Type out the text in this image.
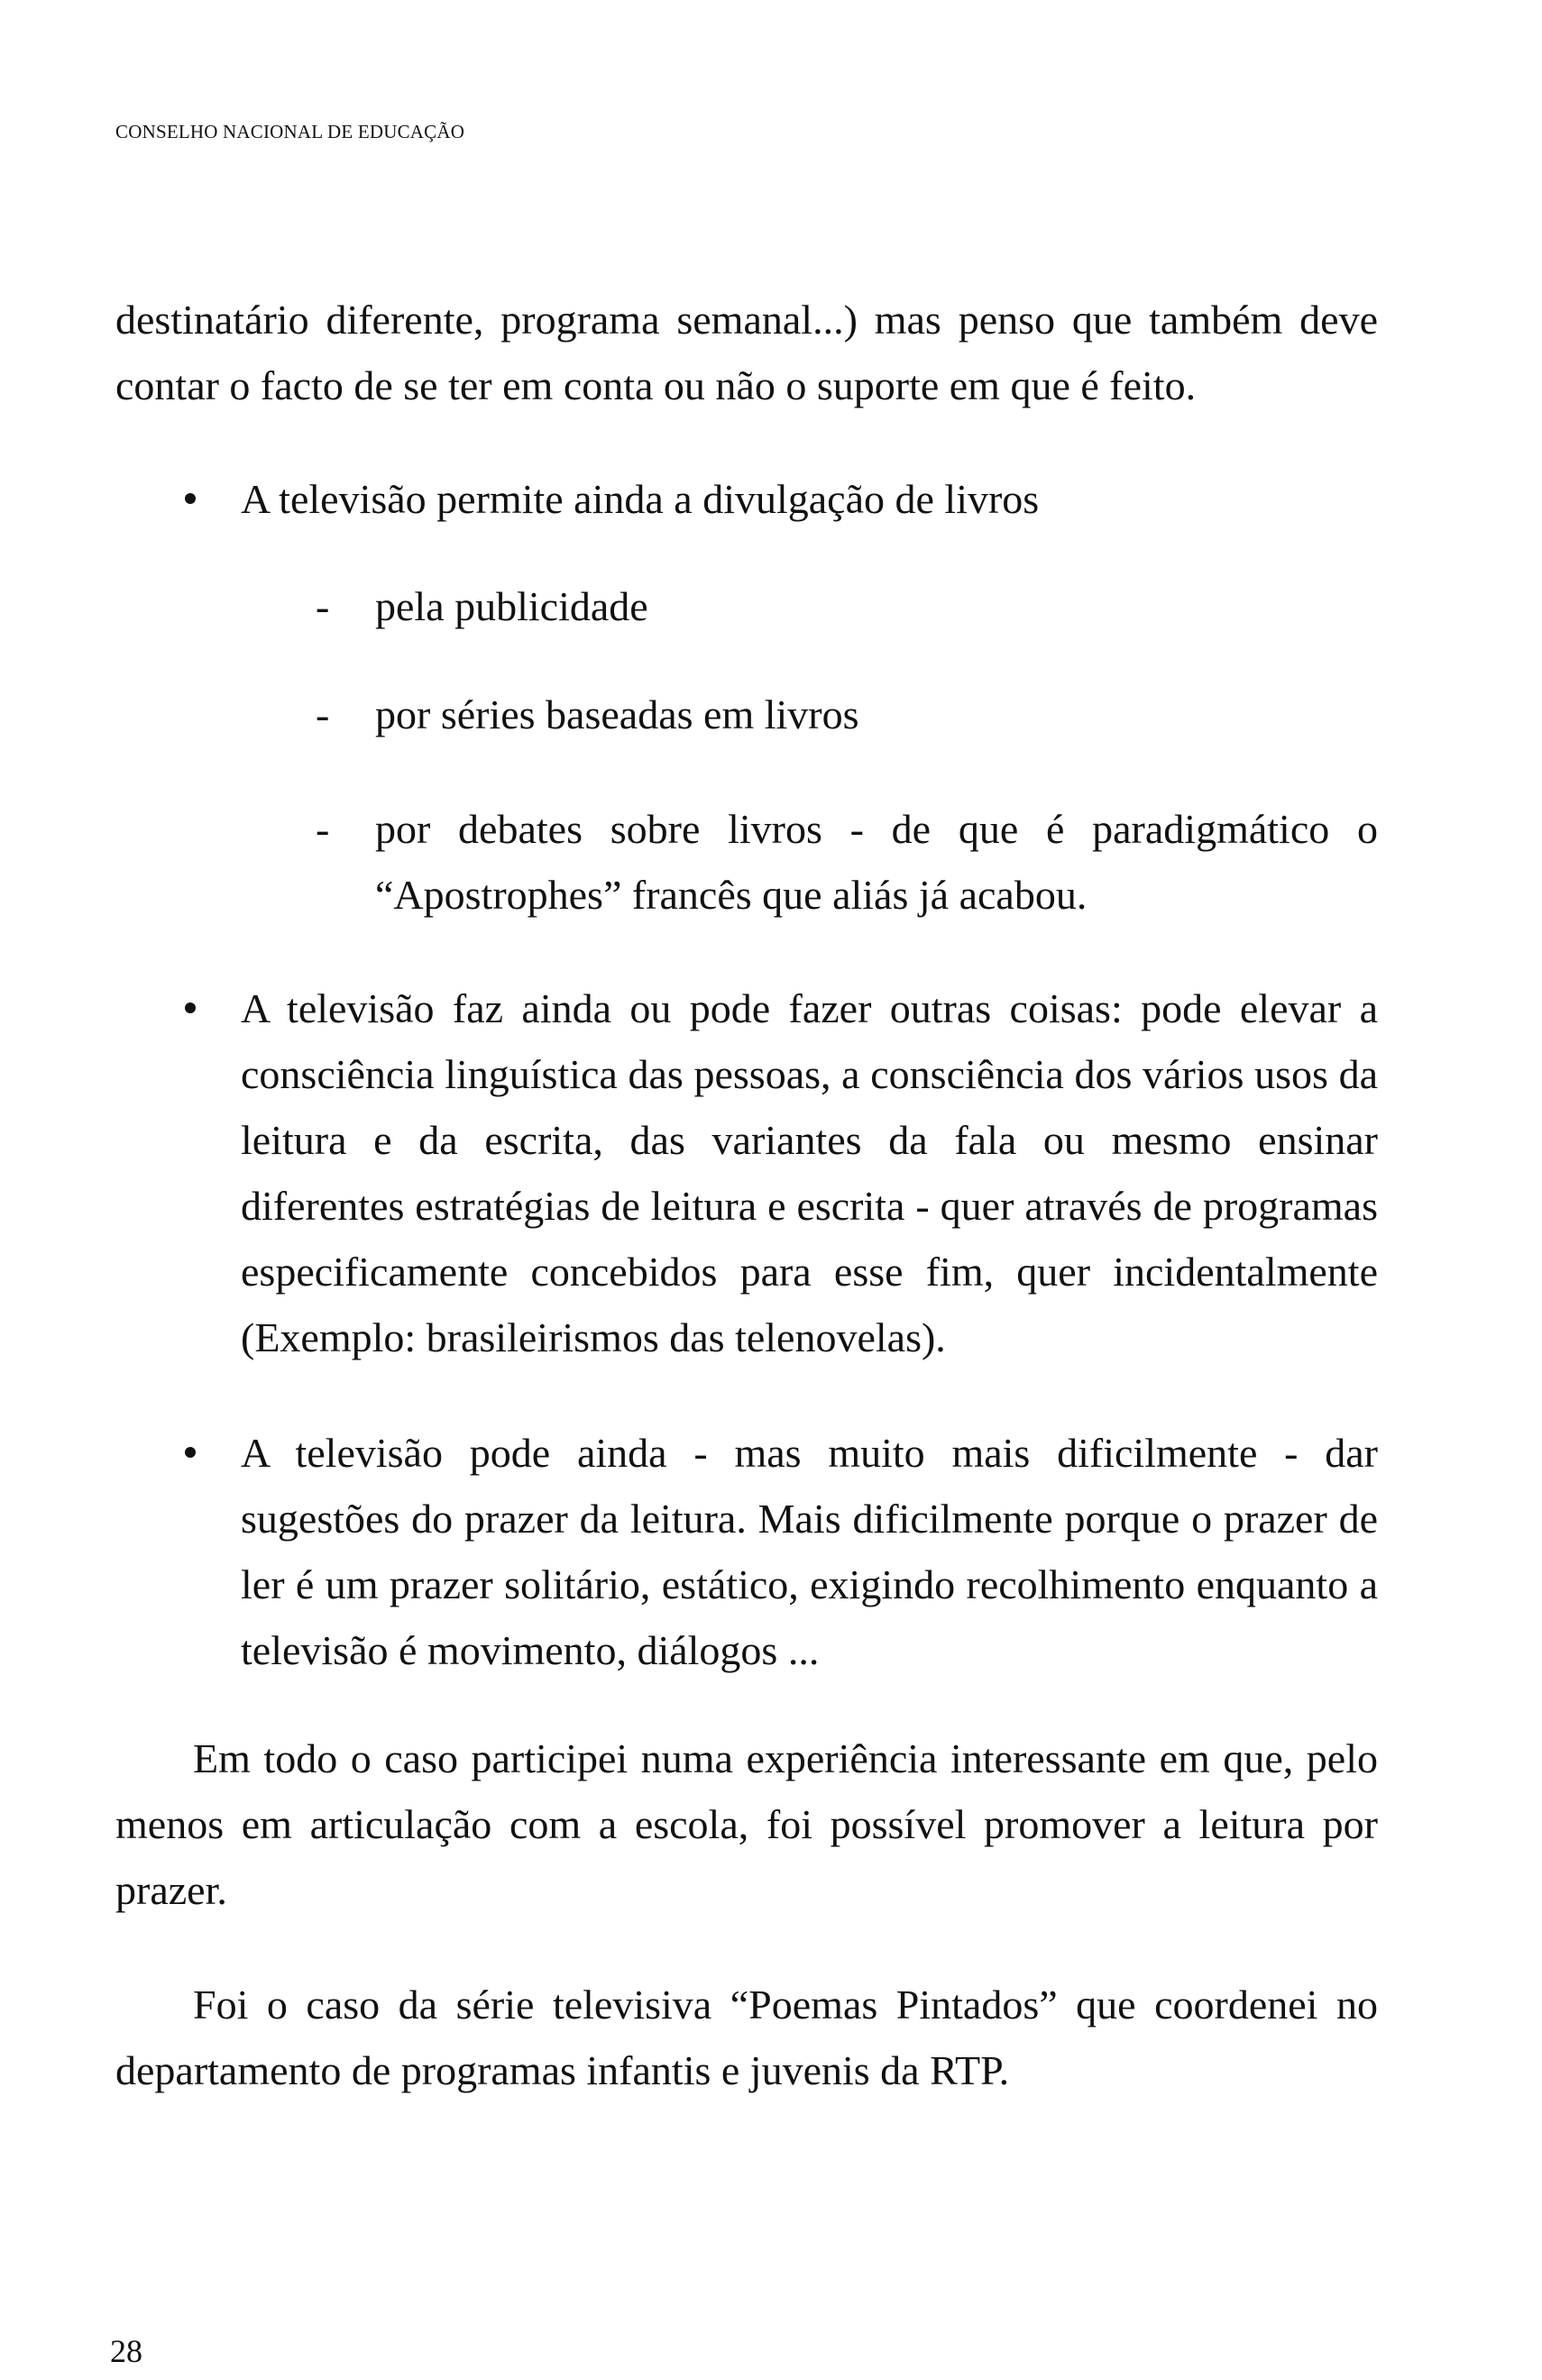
CONSELHO NACIONAL DE EDUCAÇÃO

destinatário diferente, programa semanal...) mas penso que também deve contar o facto de se ter em conta ou não o suporte em que é feito.

A televisão permite ainda a divulgação de livros

- pela publicidade

- por séries baseadas em livros

- por debates sobre livros - de que é paradigmático o “Apostrophes” francês que aliás já acabou.

A televisão faz ainda ou pode fazer outras coisas: pode elevar a consciência linguística das pessoas, a consciência dos vários usos da leitura e da escrita, das variantes da fala ou mesmo ensinar diferentes estratégias de leitura e escrita - quer através de programas especificamente concebidos para esse fim, quer incidentalmente (Exemplo: brasileirismos das telenovelas).

A televisão pode ainda - mas muito mais dificilmente - dar sugestões do prazer da leitura. Mais dificilmente porque o prazer de ler é um prazer solitário, estático, exigindo recolhimento enquanto a televisão é movimento, diálogos ...

Em todo o caso participei numa experiência interessante em que, pelo menos em articulação com a escola, foi possível promover a leitura por prazer.

Foi o caso da série televisiva “Poemas Pintados” que coordenei no departamento de programas infantis e juvenis da RTP.

28
